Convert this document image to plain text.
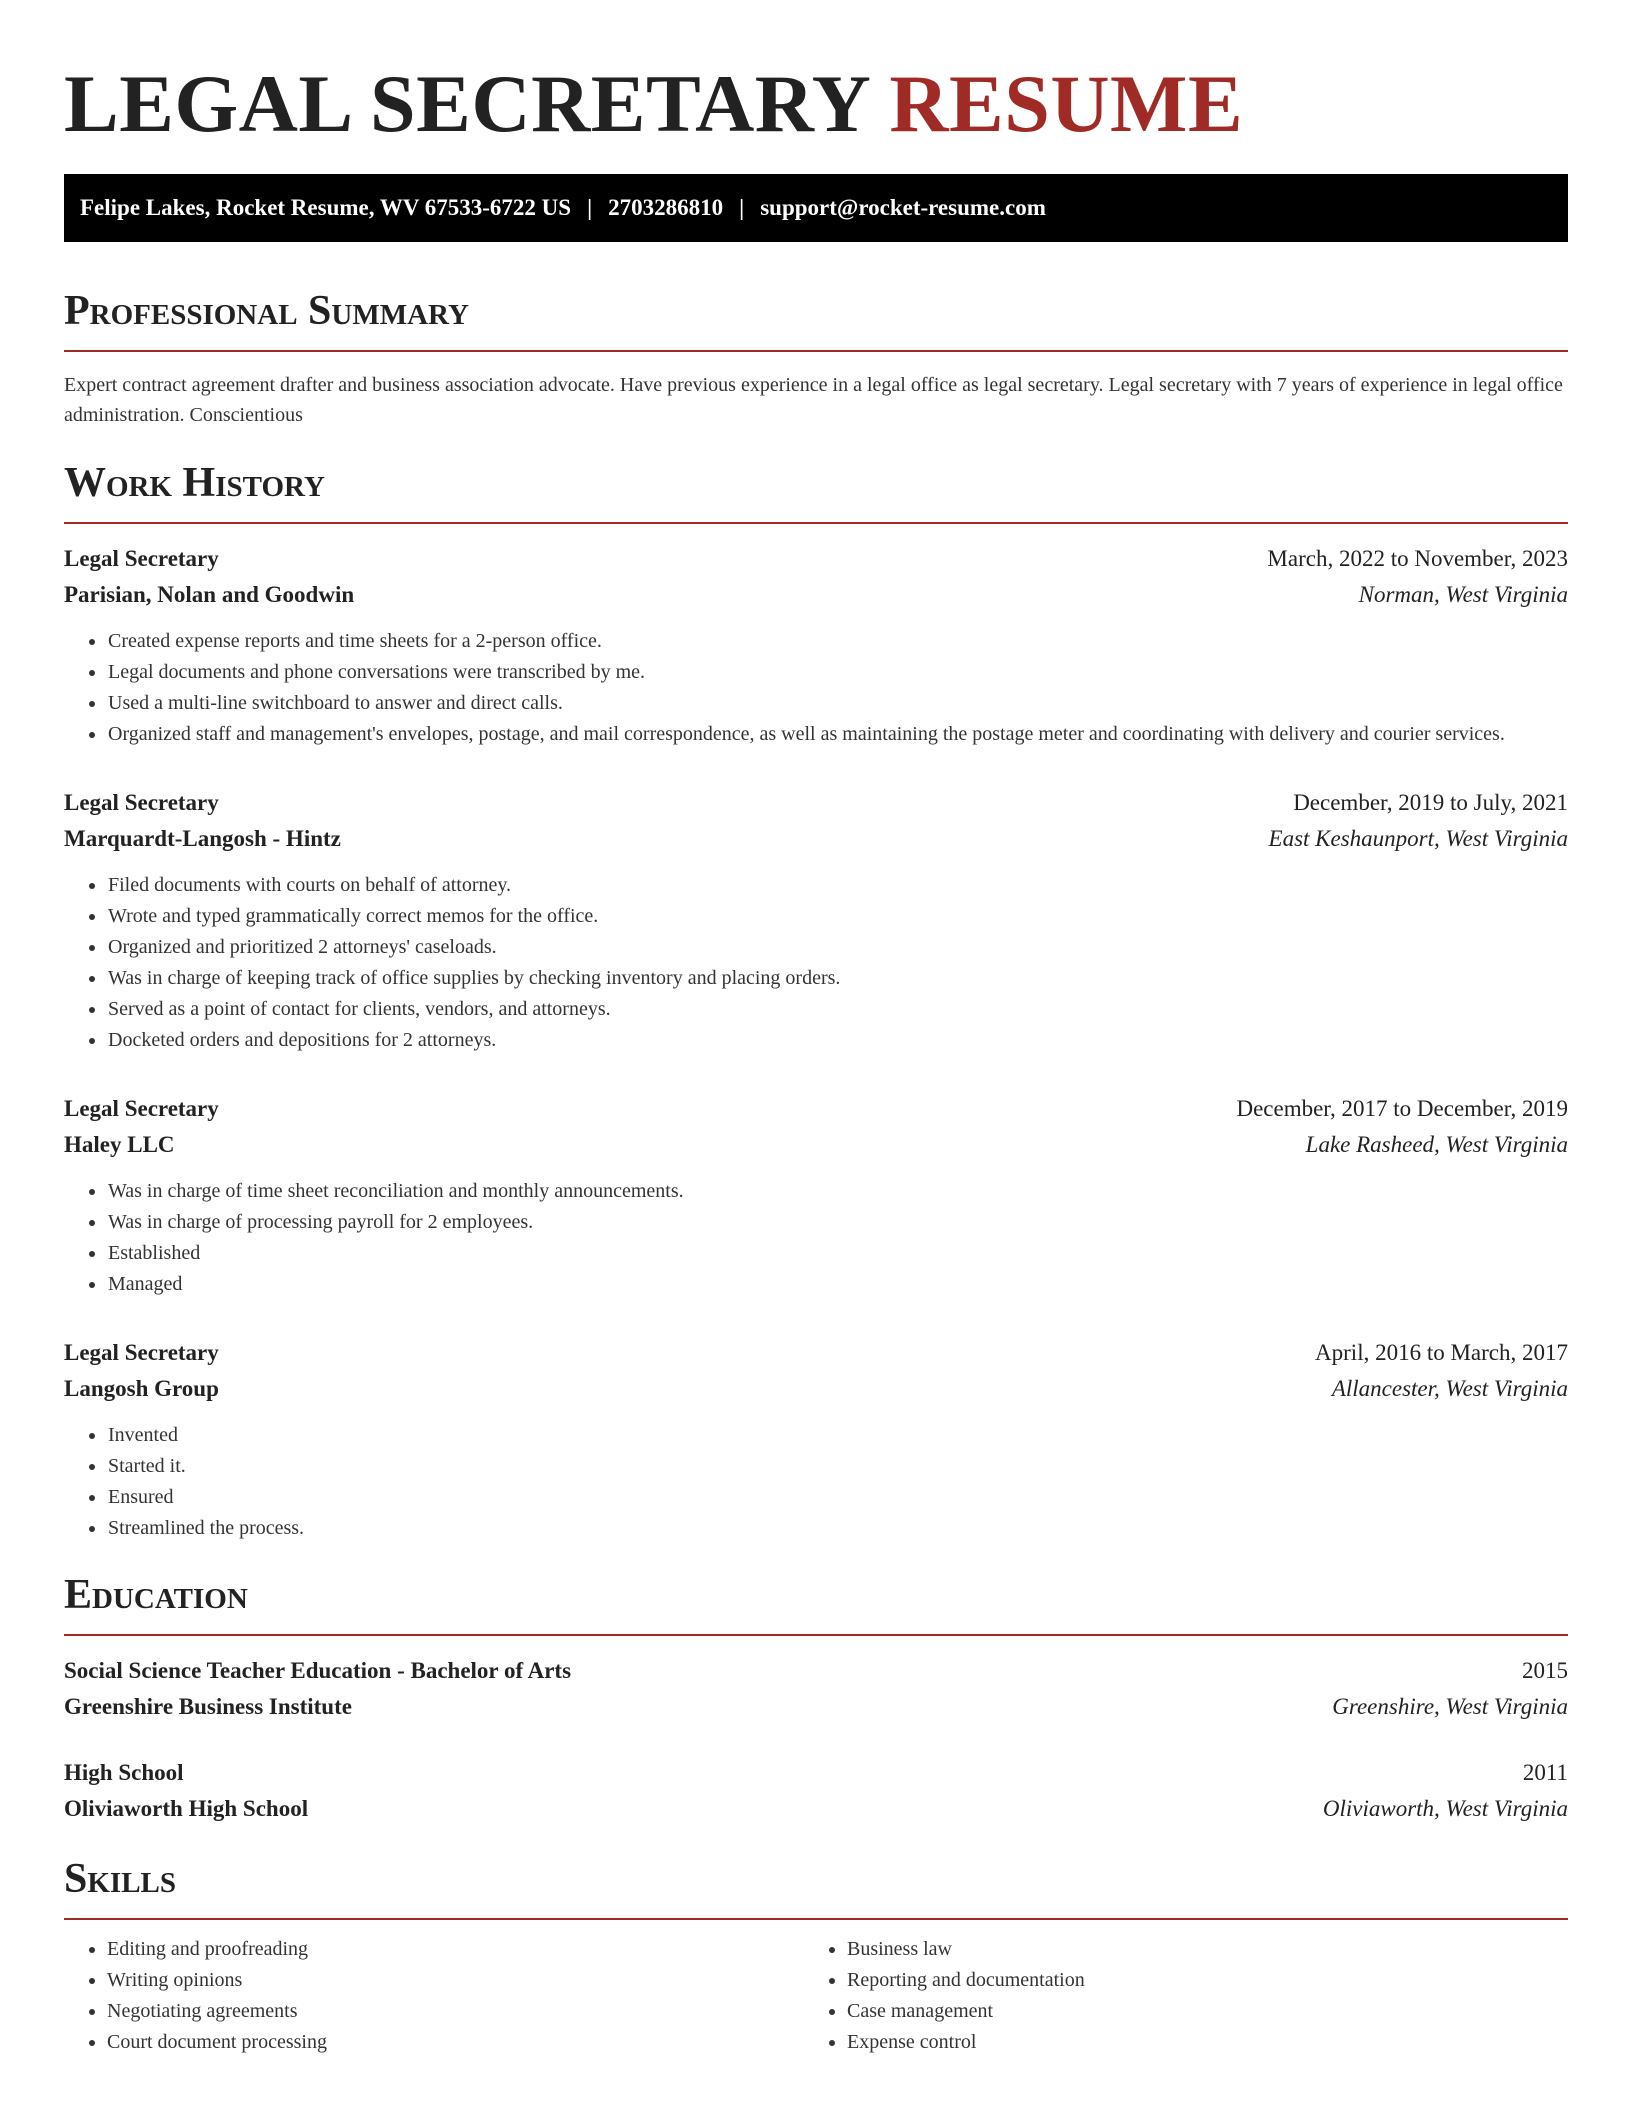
LEGAL SECRETARY RESUME
Felipe Lakes, Rocket Resume, WV 67533-6722 US | 2703286810 | support@rocket-resume.com
Professional Summary

Expert contract agreement drafter and business association advocate. Have previous experience in a legal office as legal secretary. Legal secretary with 7 years of experience in legal office administration. Conscientious

Work History
Legal Secretary	March, 2022 to November, 2023
Parisian, Nolan and Goodwin	Norman, West Virginia
• Created expense reports and time sheets for a 2-person office.
• Legal documents and phone conversations were transcribed by me.
• Used a multi-line switchboard to answer and direct calls.
• Organized staff and management's envelopes, postage, and mail correspondence, as well as maintaining the postage meter and coordinating with delivery and courier services.
Legal Secretary	December, 2019 to July, 2021
Marquardt-Langosh - Hintz	East Keshaunport, West Virginia
• Filed documents with courts on behalf of attorney.
• Wrote and typed grammatically correct memos for the office.
• Organized and prioritized 2 attorneys' caseloads.
• Was in charge of keeping track of office supplies by checking inventory and placing orders.
• Served as a point of contact for clients, vendors, and attorneys.
• Docketed orders and depositions for 2 attorneys.
Legal Secretary	December, 2017 to December, 2019
Haley LLC	Lake Rasheed, West Virginia
• Was in charge of time sheet reconciliation and monthly announcements.
• Was in charge of processing payroll for 2 employees.
• Established
• Managed
Legal Secretary	April, 2016 to March, 2017
Langosh Group	Allancester, West Virginia
• Invented
• Started it.
• Ensured
• Streamlined the process.
Education
Social Science Teacher Education - Bachelor of Arts	2015
Greenshire Business Institute	Greenshire, West Virginia
High School	2011
Oliviaworth High School	Oliviaworth, West Virginia
Skills
• Editing and proofreading
• Writing opinions
• Negotiating agreements
• Court document processing
• Business law
• Reporting and documentation
• Case management
• Expense control
